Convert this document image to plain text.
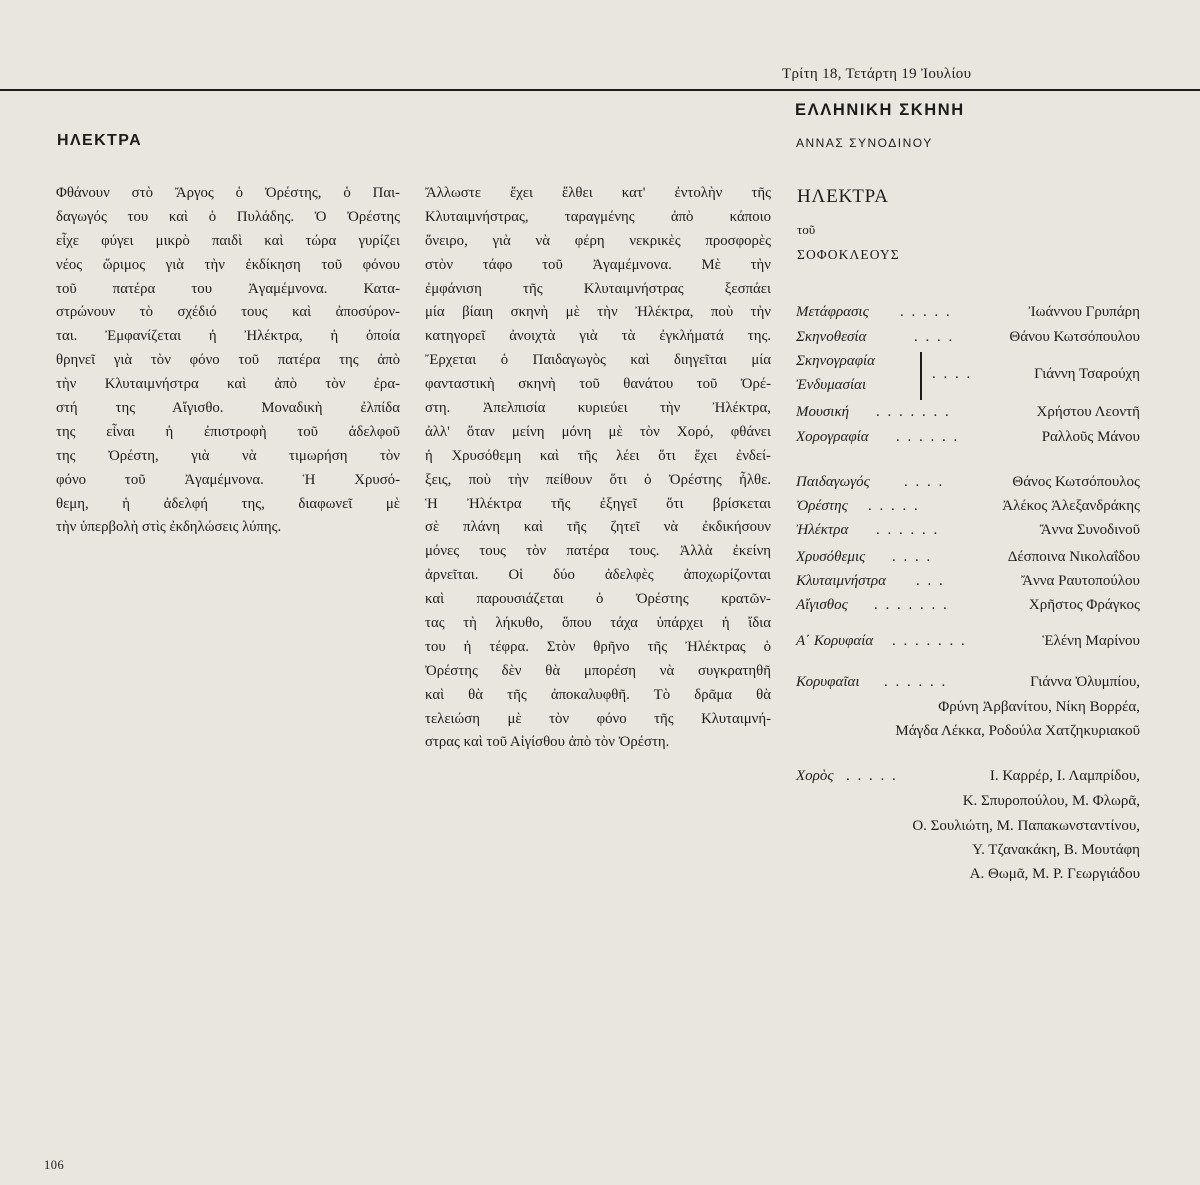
Τρίτη 18, Τετάρτη 19 Ἰουλίου
ΕΛΛΗΝΙΚΗ ΣΚΗΝΗ
ΑΝΝΑΣ ΣΥΝΟΔΙΝΟΥ
ΗΛΕΚΤΡΑ
Φθάνουν στὸ Ἄργος ὁ Ὀρέστης, ὁ Παι-
δαγωγός του καὶ ὁ Πυλάδης. Ὁ Ὀρέστης
εἶχε φύγει μικρὸ παιδὶ καὶ τώρα γυρίζει
νέος ὥριμος γιὰ τὴν ἐκδίκηση τοῦ φόνου
τοῦ πατέρα του Ἀγαμέμνονα. Κατα-
στρώνουν τὸ σχέδιό τους καὶ ἀποσύρον-
ται. Ἐμφανίζεται ἡ Ἠλέκτρα, ἡ ὁποία
θρηνεῖ γιὰ τὸν φόνο τοῦ πατέρα της ἀπὸ
τὴν Κλυταιμνήστρα καὶ ἀπὸ τὸν ἐρα-
στή της Αἴγισθο. Μοναδικὴ ἐλπίδα
της εἶναι ἡ ἐπιστροφὴ τοῦ ἀδελφοῦ
της Ὀρέστη, γιὰ νὰ τιμωρήση τὸν
φόνο τοῦ Ἀγαμέμνονα. Ἡ Χρυσό-
θεμη, ἡ ἀδελφή της, διαφωνεῖ μὲ
τὴν ὑπερβολὴ στὶς ἐκδηλώσεις λύπης.
Ἄλλωστε ἔχει ἔλθει κατ' ἐντολὴν τῆς
Κλυταιμνήστρας, ταραγμένης ἀπὸ κάποιο
ὄνειρο, γιὰ νὰ φέρη νεκρικὲς προσφορὲς
στὸν τάφο τοῦ Ἀγαμέμνονα. Μὲ τὴν
ἐμφάνιση τῆς Κλυταιμνήστρας ξεσπάει
μία βίαιη σκηνὴ μὲ τὴν Ἠλέκτρα, ποὺ τὴν
κατηγορεῖ ἀνοιχτὰ γιὰ τὰ ἐγκλήματά της.
Ἔρχεται ὁ Παιδαγωγὸς καὶ διηγεῖται μία
φανταστικὴ σκηνὴ τοῦ θανάτου τοῦ Ὀρέ-
στη. Ἀπελπισία κυριεύει τὴν Ἠλέκτρα,
ἀλλ' ὅταν μείνη μόνη μὲ τὸν Χορό, φθάνει
ἡ Χρυσόθεμη καὶ τῆς λέει ὅτι ἔχει ἐνδεί-
ξεις, ποὺ τὴν πείθουν ὅτι ὁ Ὀρέστης ἦλθε.
Ἡ Ἠλέκτρα τῆς ἐξηγεῖ ὅτι βρίσκεται
σὲ πλάνη καὶ τῆς ζητεῖ νὰ ἐκδικήσουν
μόνες τους τὸν πατέρα τους. Ἀλλὰ ἐκείνη
ἀρνεῖται. Οἱ δύο ἀδελφὲς ἀποχωρίζονται
καὶ παρουσιάζεται ὁ Ὀρέστης κρατῶν-
τας τὴ λήκυθο, ὅπου τάχα ὑπάρχει ἡ ἴδια
του ἡ τέφρα. Στὸν θρῆνο τῆς Ἠλέκτρας ὁ
Ὀρέστης δὲν θὰ μπορέση νὰ συγκρατηθῆ
καὶ θὰ τῆς ἀποκαλυφθῆ. Τὸ δρᾶμα θὰ
τελειώση μὲ τὸν φόνο τῆς Κλυταιμνή-
στρας καὶ τοῦ Αἰγίσθου ἀπὸ τὸν Ὀρέστη.
ΗΛΕΚΤΡΑ
τοῦ
ΣΟΦΟΚΛΕΟΥΣ
Μετάφρασις . . . . .	Ἰωάννου Γρυπάρη
Σκηνοθεσία	. . . .	Θάνου Κωτσόπουλου
Σκηνογραφία
Ἐνδυμασίαι
. . . .	Γιάννη Τσαρούχη
Μουσική . . . . . . .	Χρήστου Λεοντῆ
Χορογραφία . . . . . .	Ραλλοῦς Μάνου
Παιδαγωγός . . . .	Θάνος Κωτσόπουλος
Ὀρέστης . . . . .	Ἀλέκος Ἀλεξανδράκης
Ἠλέκτρα . . . . . .	Ἄννα Συνοδινοῦ
Χρυσόθεμις . . . .	Δέσποινα Νικολαΐδου
Κλυταιμνήστρα . . .	Ἄννα Ραυτοπούλου
Αἴγισθος . . . . . . .	Χρῆστος Φράγκος
Α΄ Κορυφαία . . . . . . .	Ἑλένη Μαρίνου
Κορυφαῖαι . . . . . .	Γιάννα Ὀλυμπίου,
Φρύνη Ἀρβανίτου, Νίκη Βορρέα,
Μάγδα Λέκκα, Ροδούλα Χατζηκυριακοῦ
Χορὸς . . . . .	Ι. Καρρέρ, Ι. Λαμπρίδου,
Κ. Σπυροπούλου, Μ. Φλωρᾶ,
Ο. Σουλιώτη, Μ. Παπακωνσταντίνου,
Υ. Τζανακάκη, Β. Μουτάφη
Α. Θωμᾶ, Μ. Ρ. Γεωργιάδου
106
